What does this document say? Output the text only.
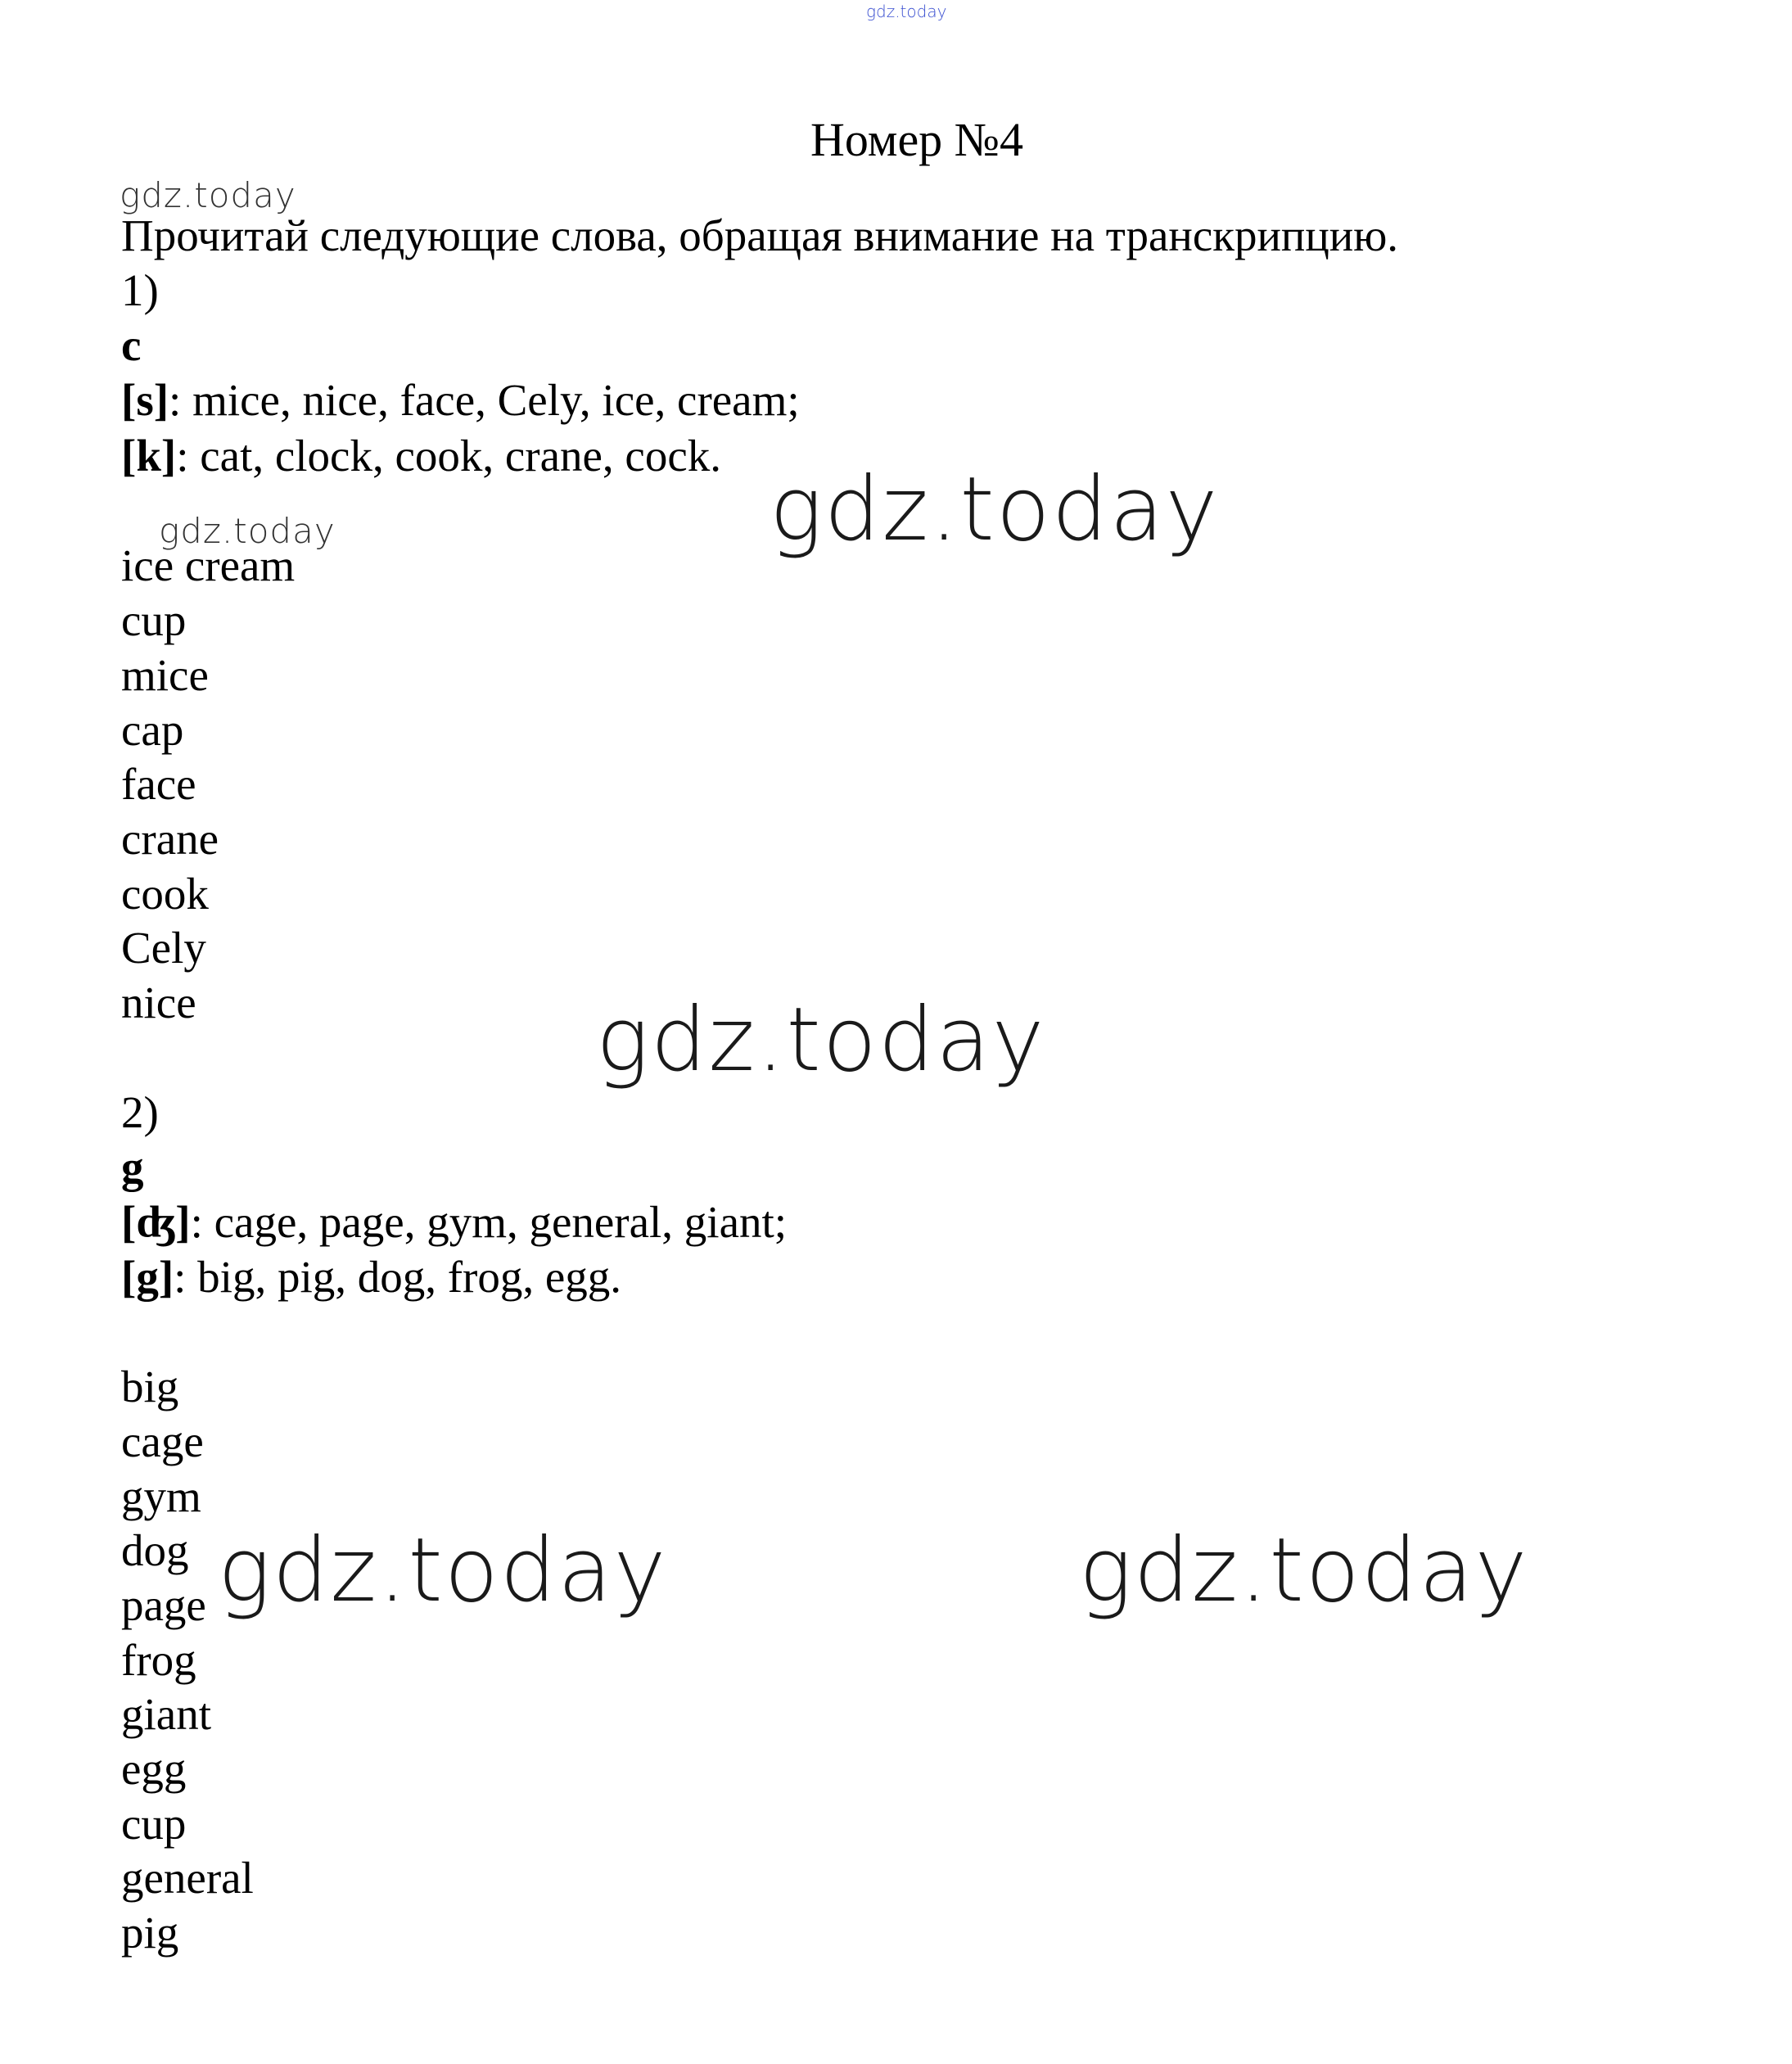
gdz.today
gdz.today
gdz.today	gdz.today
gdz.today
gdz.today	gdz.today
Номер №4
Прочитай следующие слова, обращая внимание на транскрипцию.
1)
c
[s]: mice, nice, face, Cely, ice, cream;
[k]: cat, clock, cook, crane, cock.
ice cream
cup
mice
cap
face
crane
cook
Cely
nice
2)
g
[ʤ]: cage, page, gym, general, giant;
[g]: big, pig, dog, frog, egg.
big
cage
gym
dog
page
frog
giant
egg
cup
general
pig
